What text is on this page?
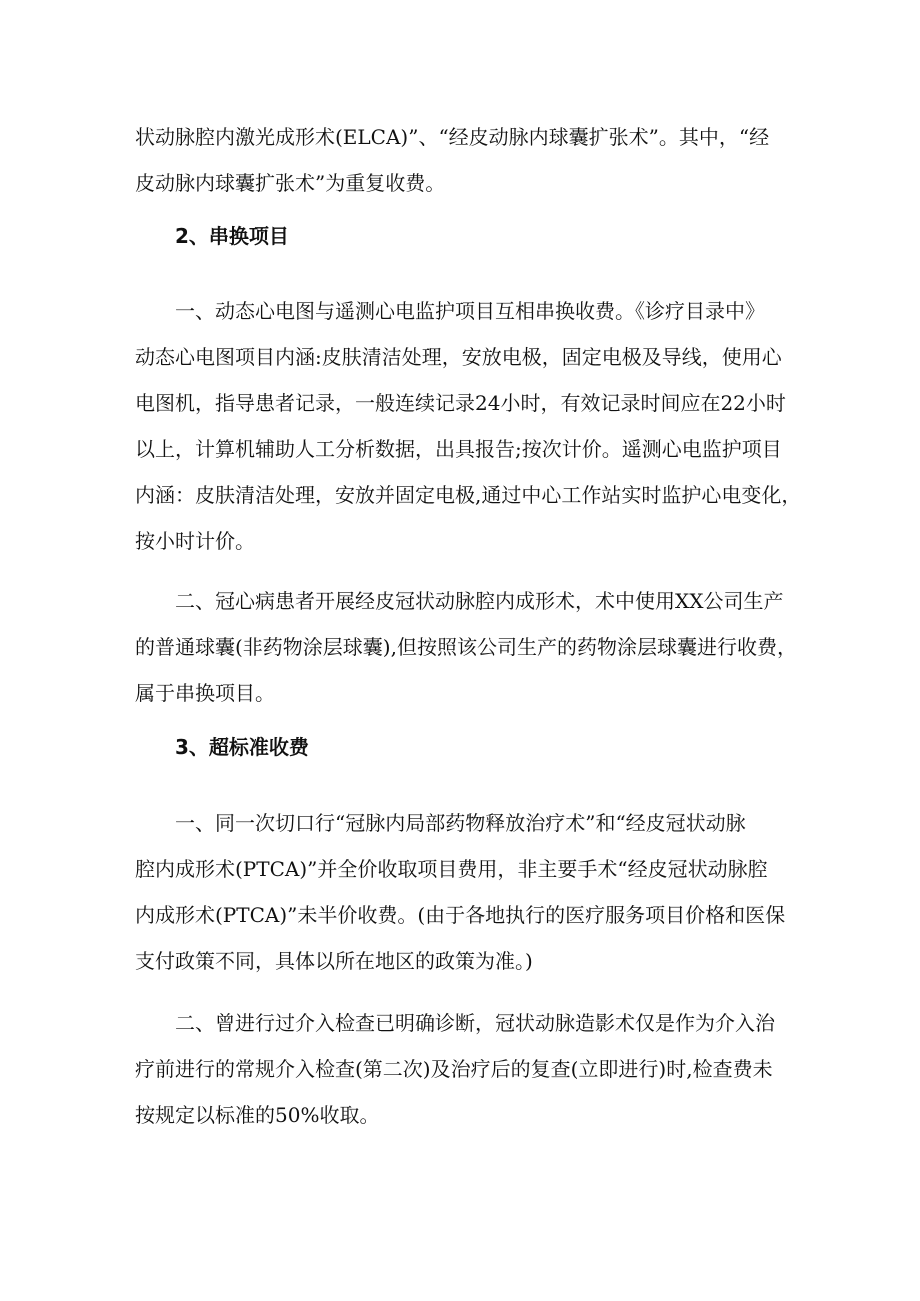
状动脉腔内激光成形术(ELCA)”、“经皮动脉内球囊扩张术”。其中，“经
皮动脉内球囊扩张术”为重复收费。
2、串换项目
一、动态心电图与遥测心电监护项目互相串换收费。《诊疗目录中》
动态心电图项目内涵:皮肤清洁处理，安放电极，固定电极及导线，使用心
电图机，指导患者记录，一般连续记录24小时，有效记录时间应在22小时
以上，计算机辅助人工分析数据，出具报告;按次计价。遥测心电监护项目
内涵：皮肤清洁处理，安放并固定电极,通过中心工作站实时监护心电变化，
按小时计价。
二、冠心病患者开展经皮冠状动脉腔内成形术，术中使用XX公司生产
的普通球囊(非药物涂层球囊),但按照该公司生产的药物涂层球囊进行收费，
属于串换项目。
3、超标准收费
一、同一次切口行“冠脉内局部药物释放治疗术”和“经皮冠状动脉
腔内成形术(PTCA)”并全价收取项目费用，非主要手术“经皮冠状动脉腔
内成形术(PTCA)”未半价收费。(由于各地执行的医疗服务项目价格和医保
支付政策不同，具体以所在地区的政策为准。)
二、曾进行过介入检查已明确诊断，冠状动脉造影术仅是作为介入治
疗前进行的常规介入检查(第二次)及治疗后的复查(立即进行)时,检查费未
按规定以标准的50%收取。
